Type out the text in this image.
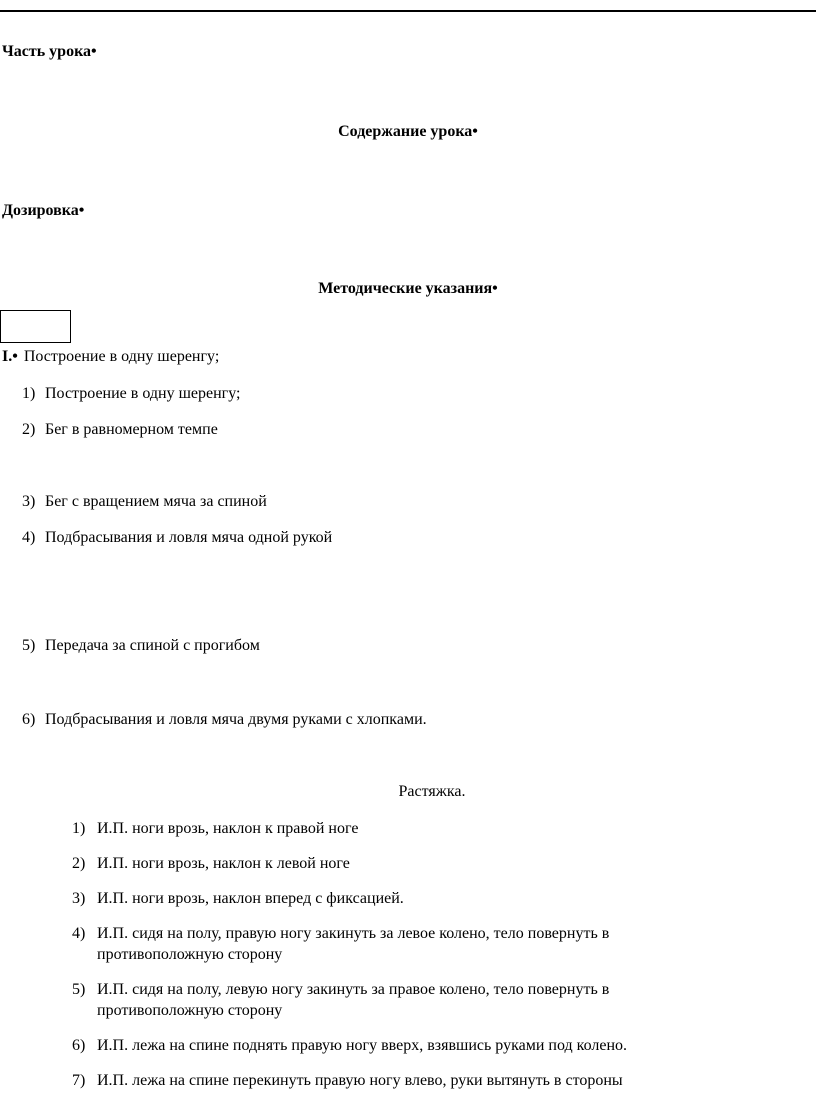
Часть урока•
Содержание урока•
Дозировка•
Методические указания•
I.• Построение в одну шеренгу;
1) Построение в одну шеренгу;
2) Бег в равномерном темпе
3) Бег с вращением мяча за спиной
4) Подбрасывания и ловля мяча одной рукой
5) Передача за спиной с прогибом
6) Подбрасывания и ловля мяча двумя руками с хлопками.
Растяжка.
1) И.П. ноги врозь, наклон к правой ноге
2) И.П. ноги врозь, наклон к левой ноге
3) И.П. ноги врозь, наклон вперед с фиксацией.
4) И.П. сидя на полу, правую ногу закинуть за левое колено, тело повернуть в противоположную сторону
5) И.П. сидя на полу, левую ногу закинуть за правое колено, тело повернуть в противоположную сторону
6) И.П. лежа на спине поднять правую ногу вверх, взявшись руками под колено.
7) И.П. лежа на спине перекинуть правую ногу влево, руки вытянуть в стороны
